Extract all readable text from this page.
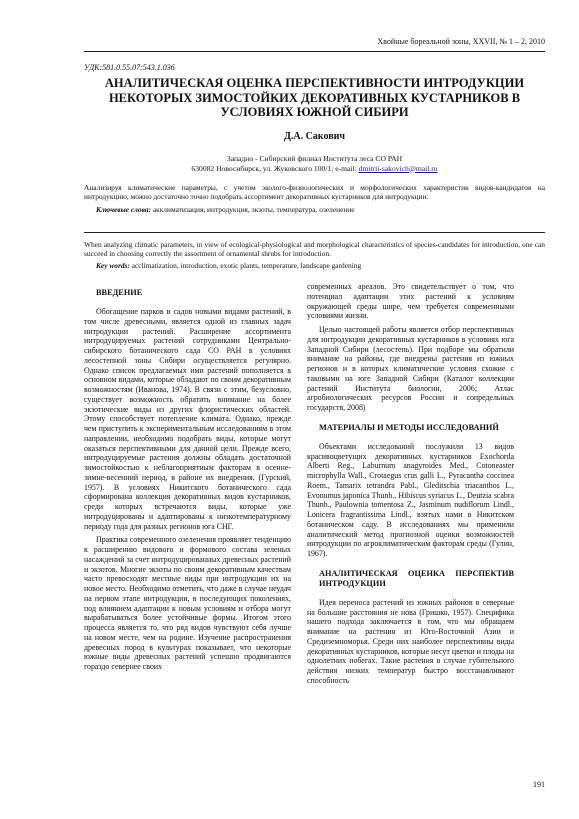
Хвойные бореальной зоны, XXVII, № 1 – 2, 2010
УДК:581.0.55.07:543.1.036
АНАЛИТИЧЕСКАЯ ОЦЕНКА ПЕРСПЕКТИВНОСТИ ИНТРОДУКЦИИ НЕКОТОРЫХ ЗИМОСТОЙКИХ ДЕКОРАТИВНЫХ КУСТАРНИКОВ В УСЛОВИЯХ ЮЖНОЙ СИБИРИ
Д.А. Сакович
Западно - Сибирский филиал Института леса СО РАН
630082 Новосибирск, ул. Жуковского 100/1; e-mail: dmitrii-sakovich@mail.ru
Анализируя климатические параметры, с учетом эколого-физиологических и морфологических характеристик видов-кандидатов на интродукцию, можно достаточно точно подобрать ассортимент декоративных кустарников для интродукции.
Ключевые слова: акклиматизация, интродукция, экзоты, температура, озеленение
When analyzing climatic parameters, in view of ecological-physiological and morphological characteristics of species-candidates for introduction, one can succeed in choosing correctly the assortment of ornamental shrubs for introduction.
Key words: acclimatization, introduction, exotic plants, temperature, landscape gardening
ВВЕДЕНИЕ

Обогащение парков и садов новыми видами растений, в том числе древесными, является одной из главных задач интродукции растений. Расширение ассортимента интродуцируемых растений сотрудниками Центрально-сибирского ботанического сада СО РАН в условиях лесостепной зоны Сибири осуществляется регулярно. Однако список предлагаемых ими растений пополняется в основном видами, которые обладают по своим декоративным возможностям (Иванова, 1974). В связи с этим, безусловно, существует возможность обратить внимание на более экзотические виды из других флористических областей. Этому способствует потепление климата. Однако, прежде чем приступить к экспериментальным исследованиям в этом направлении, необходимо подобрать виды, которые могут оказаться перспективными для данной цели. Прежде всего, интродуцируемые растения должны обладать достаточной зимостойкостью к неблагоприятным факторам в осенне-зимне-весенний период, в районе их внедрения. (Гурский, 1957). В условиях Никитского ботанического сада сформирована коллекция декоративных видов кустарников, среди которых встречаются виды, которые уже интродуцированы и адаптированы к низкотемпературному периоду года для разных регионов юга СНГ.

Практика современного озеленения проявляет тенденцию к расширению видового и формового состава зеленых насаждений за счет интродуцированных древесных растений и экзотов. Многие экзоты по своим декоративным качествам часто превосходят местные виды при интродукции их на новое место. Необходимо отметить, что даже в случае неудач на первом этапе интродукции, в последующих поколениях, под влиянием адаптации к новым условиям и отбора могут вырабатываться более устойчивые формы. Итогом этого процесса является то, что ряд видов чувствуют себя лучше на новом месте, чем на родине. Изучение распространения древесных пород в культурах показывает, что некоторые южные виды древесных растений успешно продвигаются гораздо севернее своих

современных ареалов. Это свидетельствует о том, что потенциал адаптации этих растений к условиям окружающей среды шире, чем требуется современными условиями жизни.

Целью настоящей работы является отбор перспективных для интродукции декоративных кустарников в условиях юга Западной Сибири (лесостепь). При подборе мы обратили внимание на районы, где внедрены растения из южных регионов и в которых климатические условия схожие с таковыми на юге Западной Сибири (Каталог коллекции растений Института биологии, 2006; Атлас агробиологических ресурсов России и сопредельных государств, 2008)

МАТЕРИАЛЫ И МЕТОДЫ ИССЛЕДОВАНИЙ

Объектами исследований послужили 13 видов красивоцветущих декоративных кустарников Exochorda Alberti Reg., Laburnum anagyroides Med., Cotoneaster microphylla Wall., Crotaegus crus galli L., Pyracantha coccinea Roem., Tamarix tetrandra Pabl., Gleditschia triacanthos L., Evonumus japonica Thunb., Hibiscus syriacus L., Deutzia scabra Thunb., Paulownia tomentosa Z., Jasminum nudiflorum Lindl., Lonicera fragrantissima Lindl., взятых нами в Никитском ботаническом саду. В исследованиях мы применили аналитический метод прогнозной оценки возможностей интродукции по агроклиматическим факторам среды (Гулин, 1967).

АНАЛИТИЧЕСКАЯ ОЦЕНКА ПЕРСПЕКТИВ ИНТРОДУКЦИИ

Идея переноса растений из южных районов в северные на большие расстояния не нова (Гришко, 1957). Специфика нашего подхода заключается в том, что мы обращаем внимание на растения из Юго-Восточной Азии и Средиземноморья. Среди них наиболее перспективны виды декоративных кустарников, которые несут цветки и плоды на однолетних побегах. Такие растения в случае губительного действия низких температур быстро восстанавливают способность

191
